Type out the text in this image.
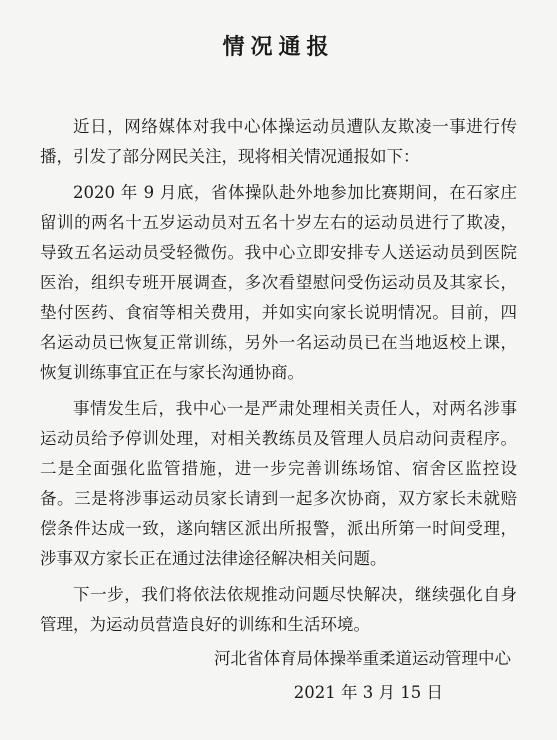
情况通报

近日，网络媒体对我中心体操运动员遭队友欺凌一事进行传播，引发了部分网民关注，现将相关情况通报如下：

2020 年 9 月底，省体操队赴外地参加比赛期间，在石家庄留训的两名十五岁运动员对五名十岁左右的运动员进行了欺凌，导致五名运动员受轻微伤。我中心立即安排专人送运动员到医院医治，组织专班开展调查，多次看望慰问受伤运动员及其家长，垫付医药、食宿等相关费用，并如实向家长说明情况。目前，四名运动员已恢复正常训练，另外一名运动员已在当地返校上课，恢复训练事宜正在与家长沟通协商。

事情发生后，我中心一是严肃处理相关责任人，对两名涉事运动员给予停训处理，对相关教练员及管理人员启动问责程序。二是全面强化监管措施，进一步完善训练场馆、宿舍区监控设备。三是将涉事运动员家长请到一起多次协商，双方家长未就赔偿条件达成一致，遂向辖区派出所报警，派出所第一时间受理，涉事双方家长正在通过法律途径解决相关问题。

下一步，我们将依法依规推动问题尽快解决，继续强化自身管理，为运动员营造良好的训练和生活环境。

河北省体育局体操举重柔道运动管理中心
2021 年 3 月 15 日
